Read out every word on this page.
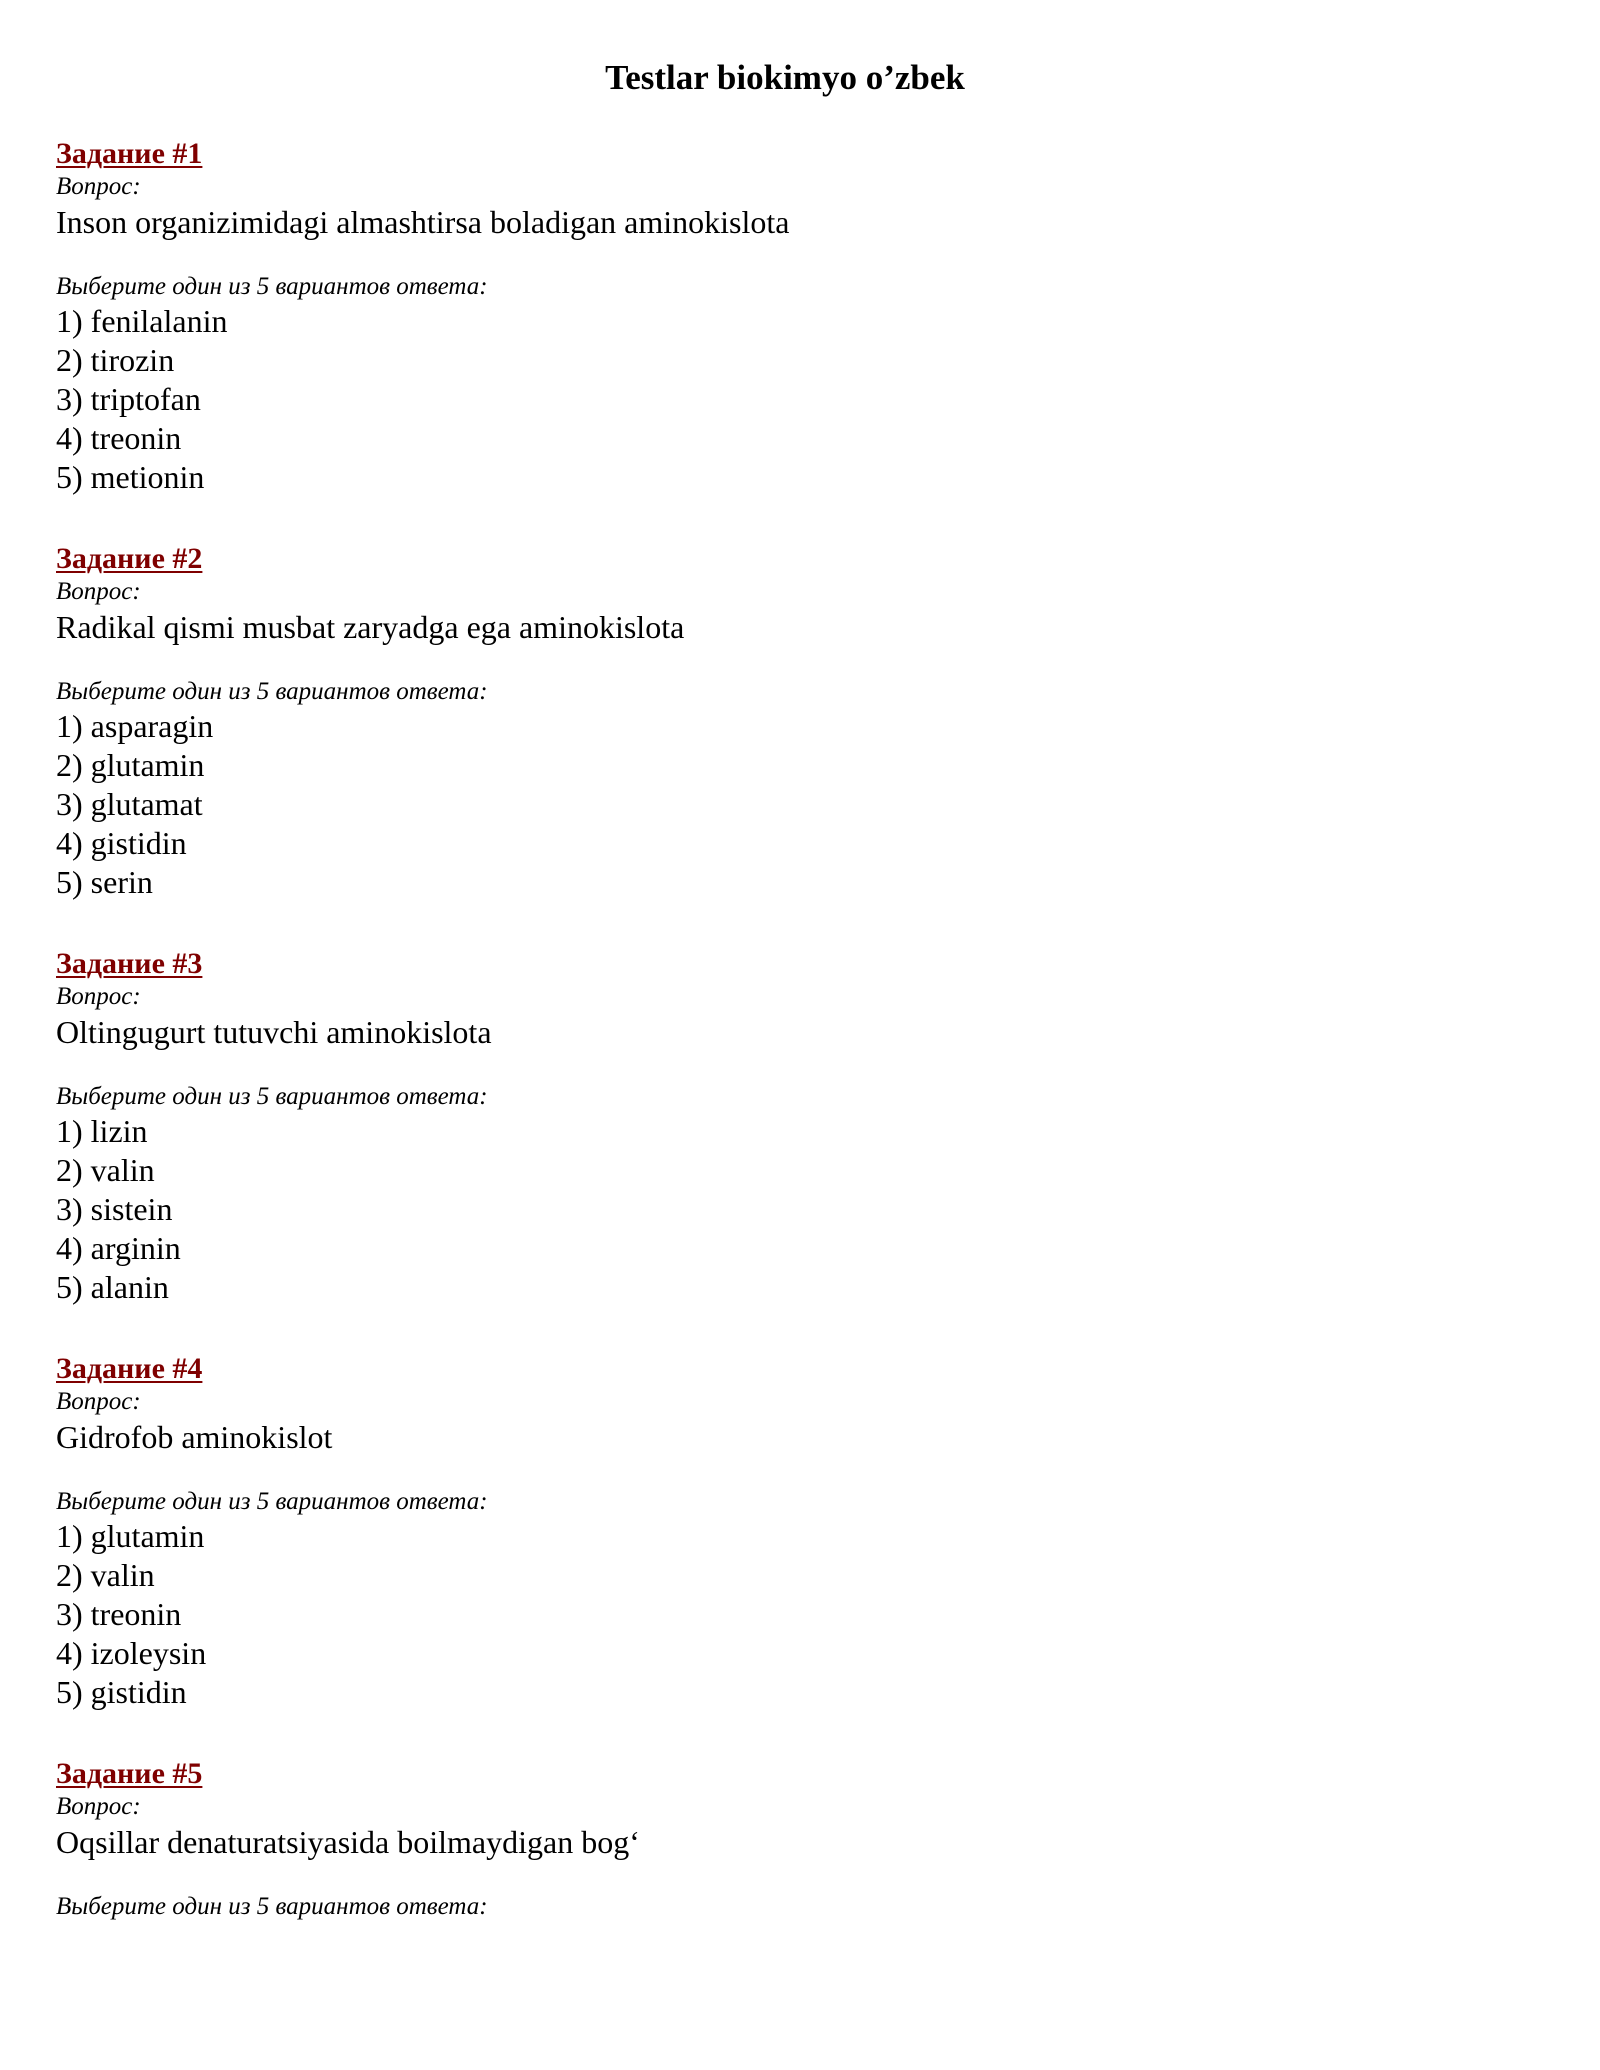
Testlar biokimyo o’zbek
Задание #1
Вопрос:
Inson organizimidagi almashtirsa boladigan aminokislota
Выберите один из 5 вариантов ответа:
1) fenilalanin
2) tirozin
3) triptofan
4) treonin
5) metionin
Задание #2
Вопрос:
Radikal qismi musbat zaryadga ega aminokislota
Выберите один из 5 вариантов ответа:
1) asparagin
2) glutamin
3) glutamat
4) gistidin
5) serin
Задание #3
Вопрос:
Oltingugurt tutuvchi aminokislota
Выберите один из 5 вариантов ответа:
1) lizin
2) valin
3) sistein
4) arginin
5) alanin
Задание #4
Вопрос:
Gidrofob aminokislot
Выберите один из 5 вариантов ответа:
1) glutamin
2) valin
3) treonin
4) izoleysin
5) gistidin
Задание #5
Вопрос:
Oqsillar denaturatsiyasida boilmaydigan bog‘
Выберите один из 5 вариантов ответа:
